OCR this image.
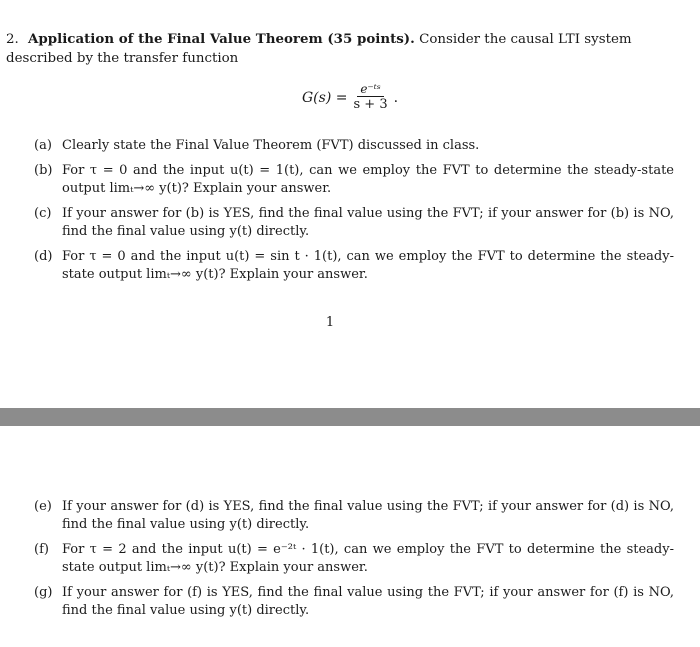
2. Application of the Final Value Theorem (35 points). Consider the causal LTI system described by the transfer function
$G(s) = \frac{\text{e⁻ᵗˢ}}{s + 3}$ .
(a) Clearly state the Final Value Theorem (FVT) discussed in class.
(b) For τ = 0 and the input u(t) = 1(t), can we employ the FVT to determine the steady-state output limₜ→∞ y(t)? Explain your answer.
(c) If your answer for (b) is YES, find the final value using the FVT; if your answer for (b) is NO, find the final value using y(t) directly.
(d) For τ = 0 and the input u(t) = sin t · 1(t), can we employ the FVT to determine the steady-state output limₜ→∞ y(t)? Explain your answer.
1
(e) If your answer for (d) is YES, find the final value using the FVT; if your answer for (d) is NO, find the final value using y(t) directly.
(f)	For τ = 2 and the input u(t) = e⁻²ᵗ · 1(t), can we employ the FVT to determine the steady-state output limₜ→∞ y(t)? Explain your answer.
(g) If your answer for (f) is YES, find the final value using the FVT; if your answer for (f) is NO, find the final value using y(t) directly.
